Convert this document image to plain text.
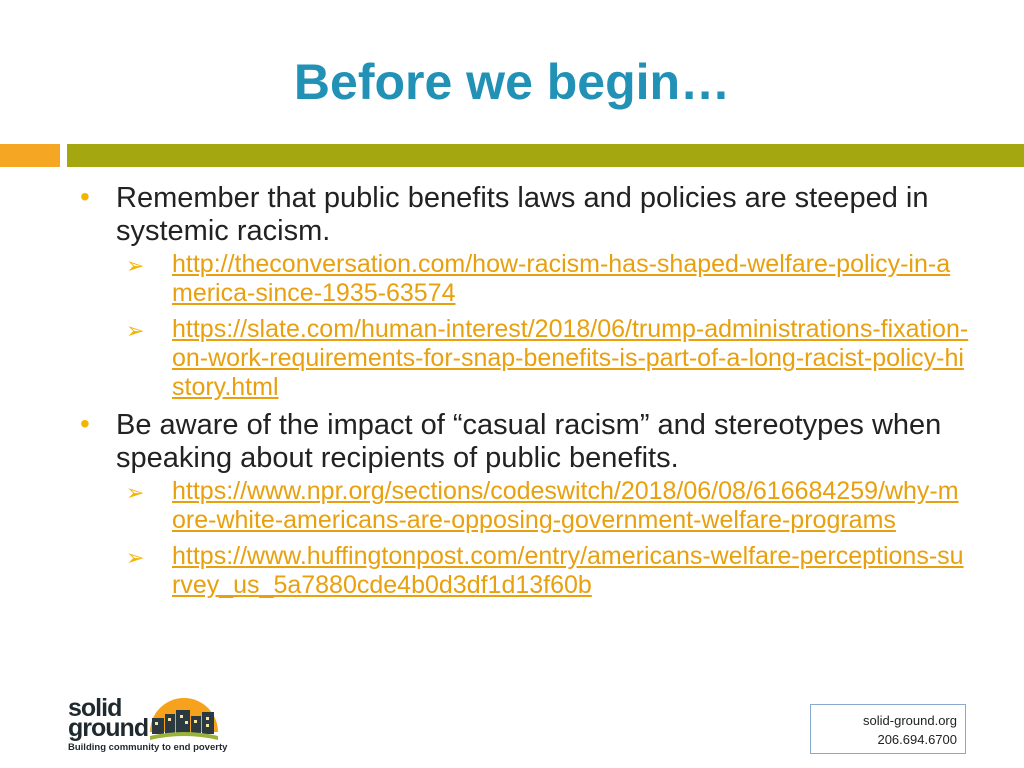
Before we begin…
• Remember that public benefits laws and policies are steeped in systemic racism.
➢ http://theconversation.com/how-racism-has-shaped-welfare-policy-in-america-since-1935-63574
➢ https://slate.com/human-interest/2018/06/trump-administrations-fixation-on-work-requirements-for-snap-benefits-is-part-of-a-long-racist-policy-history.html
• Be aware of the impact of “casual racism” and stereotypes when speaking about recipients of public benefits.
➢ https://www.npr.org/sections/codeswitch/2018/06/08/616684259/why-more-white-americans-are-opposing-government-welfare-programs
➢ https://www.huffingtonpost.com/entry/americans-welfare-perceptions-survey_us_5a7880cde4b0d3df1d13f60b
solid
ground
Building community to end poverty
solid-ground.org
206.694.6700
